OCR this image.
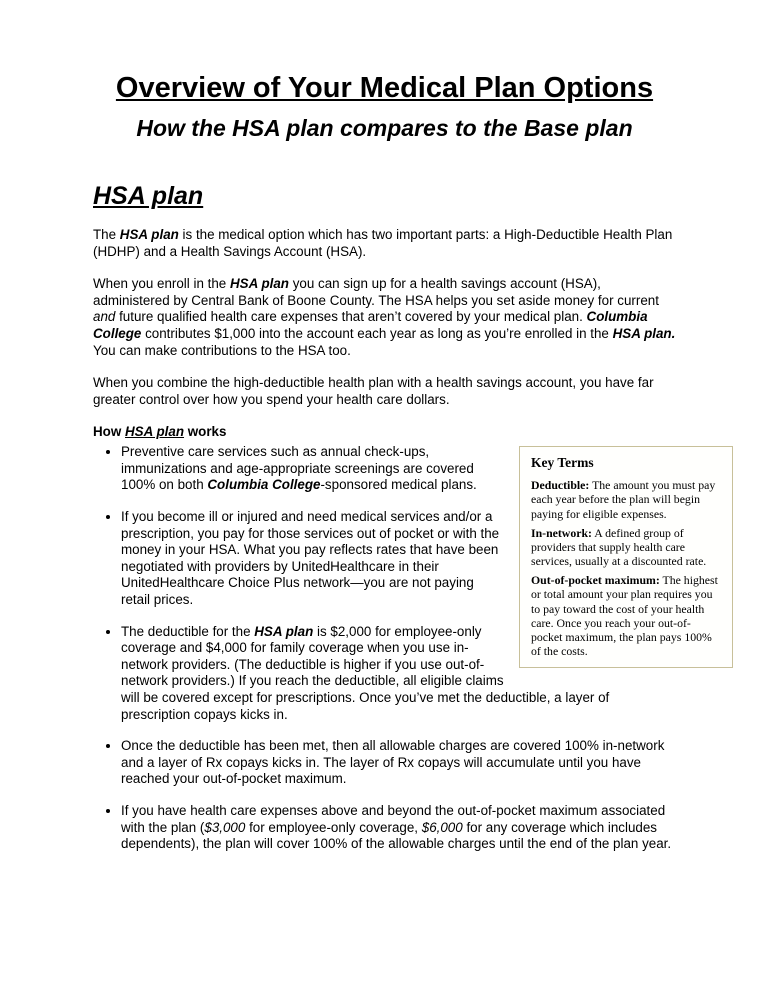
Overview of Your Medical Plan Options
How the HSA plan compares to the Base plan
HSA plan

The HSA plan is the medical option which has two important parts: a High-Deductible Health Plan (HDHP) and a Health Savings Account (HSA).

When you enroll in the HSA plan you can sign up for a health savings account (HSA), administered by Central Bank of Boone County. The HSA helps you set aside money for current and future qualified health care expenses that aren’t covered by your medical plan. Columbia College contributes $1,000 into the account each year as long as you’re enrolled in the HSA plan. You can make contributions to the HSA too.

When you combine the high-deductible health plan with a health savings account, you have far greater control over how you spend your health care dollars.

How HSA plan works

Key Terms

Deductible: The amount you must pay each year before the plan will begin paying for eligible expenses.

In-network: A defined group of providers that supply health care services, usually at a discounted rate.

Out-of-pocket maximum: The highest or total amount your plan requires you to pay toward the cost of your health care. Once you reach your out-of-pocket maximum, the plan pays 100% of the costs.

• Preventive care services such as annual check-ups, immunizations and age-appropriate screenings are covered 100% on both Columbia College-sponsored medical plans.
• If you become ill or injured and need medical services and/or a prescription, you pay for those services out of pocket or with the money in your HSA. What you pay reflects rates that have been negotiated with providers by UnitedHealthcare in their UnitedHealthcare Choice Plus network—you are not paying retail prices.
• The deductible for the HSA plan is $2,000 for employee-only coverage and $4,000 for family coverage when you use in-network providers. (The deductible is higher if you use out-of-network providers.) If you reach the deductible, all eligible claims will be covered except for prescriptions. Once you’ve met the deductible, a layer of prescription copays kicks in.
• Once the deductible has been met, then all allowable charges are covered 100% in-network and a layer of Rx copays kicks in. The layer of Rx copays will accumulate until you have reached your out-of-pocket maximum.
• If you have health care expenses above and beyond the out-of-pocket maximum associated with the plan ($3,000 for employee-only coverage, $6,000 for any coverage which includes dependents), the plan will cover 100% of the allowable charges until the end of the plan year.
